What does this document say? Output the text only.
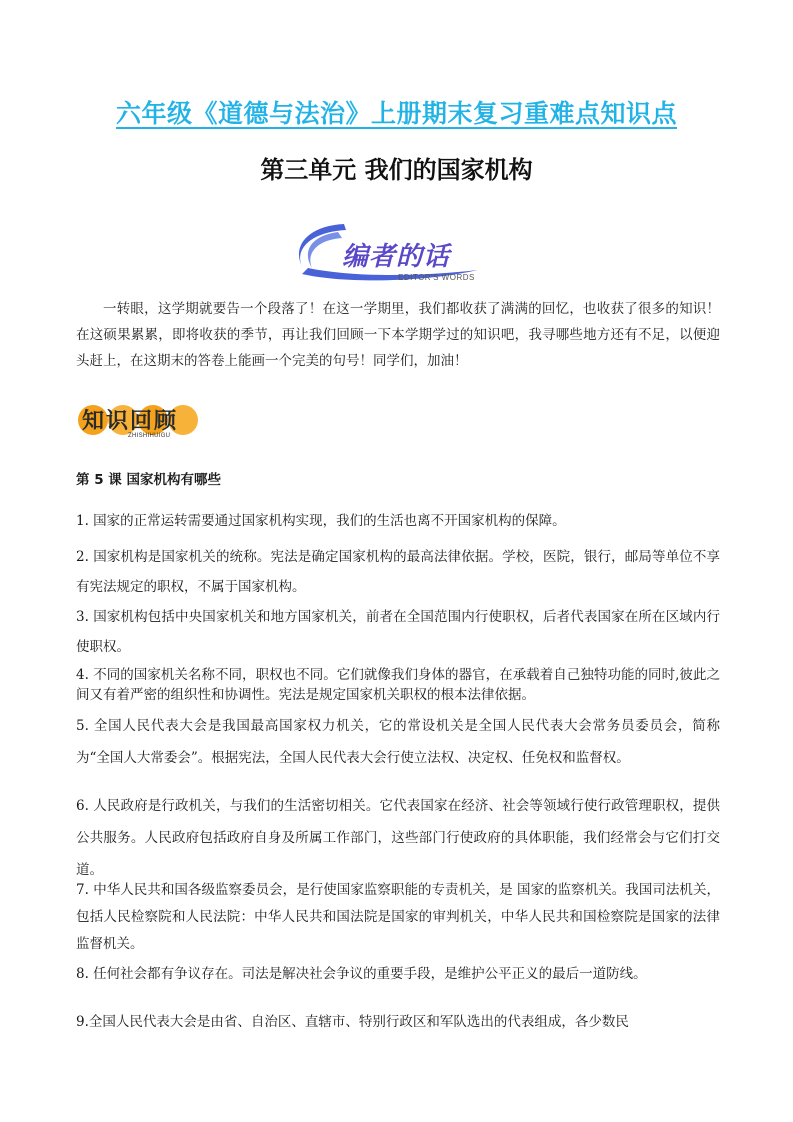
六年级《道德与法治》上册期末复习重难点知识点
第三单元 我们的国家机构
编者的话
EDITOR'S WORDS
一转眼，这学期就要告一个段落了！在这一学期里，我们都收获了满满的回忆，也收获了很多的知识！在这硕果累累，即将收获的季节，再让我们回顾一下本学期学过的知识吧，我寻哪些地方还有不足，以便迎头赶上，在这期末的答卷上能画一个完美的句号！同学们，加油！
知识回顾
ZHISHIHUIGU
第 5 课 国家机构有哪些
1. 国家的正常运转需要通过国家机构实现，我们的生活也离不开国家机构的保障。
2. 国家机构是国家机关的统称。宪法是确定国家机构的最高法律依据。学校，医院，银行，邮局等单位不享有宪法规定的职权，不属于国家机构。
3. 国家机构包括中央国家机关和地方国家机关，前者在全国范围内行使职权，后者代表国家在所在区域内行使职权。
4. 不同的国家机关名称不同，职权也不同。它们就像我们身体的器官，在承载着自己独特功能的同时,彼此之间又有着严密的组织性和协调性。宪法是规定国家机关职权的根本法律依据。
5. 全国人民代表大会是我国最高国家权力机关，它的常设机关是全国人民代表大会常务员委员会，简称为“全国人大常委会”。根据宪法，全国人民代表大会行使立法权、决定权、任免权和监督权。
6. 人民政府是行政机关，与我们的生活密切相关。它代表国家在经济、社会等领域行使行政管理职权，提供公共服务。人民政府包括政府自身及所属工作部门，这些部门行使政府的具体职能，我们经常会与它们打交道。
7. 中华人民共和国各级监察委员会，是行使国家监察职能的专责机关，是 国家的监察机关。我国司法机关，包括人民检察院和人民法院：中华人民共和国法院是国家的审判机关，中华人民共和国检察院是国家的法律监督机关。
8. 任何社会都有争议存在。司法是解决社会争议的重要手段，是维护公平正义的最后一道防线。
9.全国人民代表大会是由省、自治区、直辖市、特别行政区和军队选出的代表组成，各少数民
